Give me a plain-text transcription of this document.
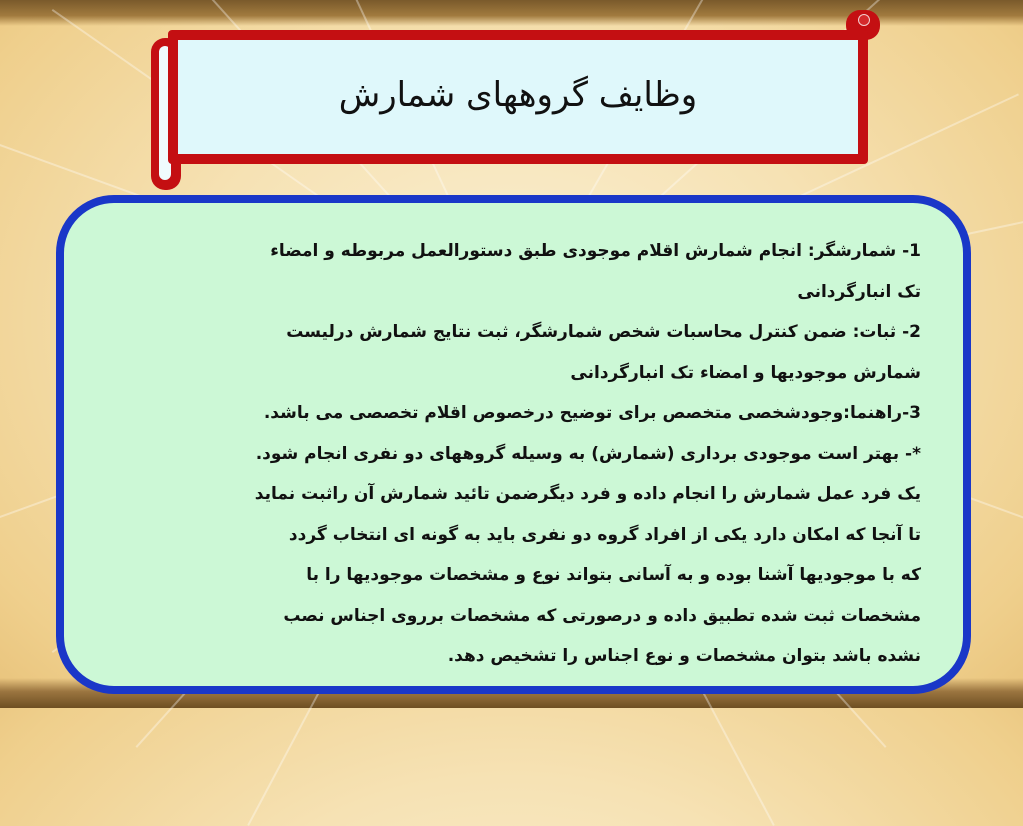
وظایف گروههای شمارش
1- شمارشگر: انجام شمارش اقلام موجودی طبق دستورالعمل مربوطه و امضاء
تک انبارگردانی
2- ثبات: ضمن کنترل محاسبات شخص شمارشگر، ثبت نتایج شمارش درلیست
شمارش موجودیها و امضاء تک انبارگردانی
3-راهنما:وجودشخصی متخصص برای توضیح درخصوص اقلام تخصصی می باشد.
*- بهتر است موجودی برداری (شمارش) به وسیله گروههای دو نفری انجام شود.
یک فرد عمل شمارش را انجام داده و فرد دیگرضمن تائید شمارش آن راثبت نماید
تا آنجا که امکان دارد یکی از افراد گروه دو نفری باید به گونه ای انتخاب گردد
که با موجودیها آشنا بوده و به آسانی بتواند نوع و مشخصات موجودیها را با
مشخصات ثبت شده تطبیق داده و درصورتی که مشخصات برروی اجناس نصب
نشده باشد بتوان مشخصات و نوع اجناس را تشخیص دهد.
